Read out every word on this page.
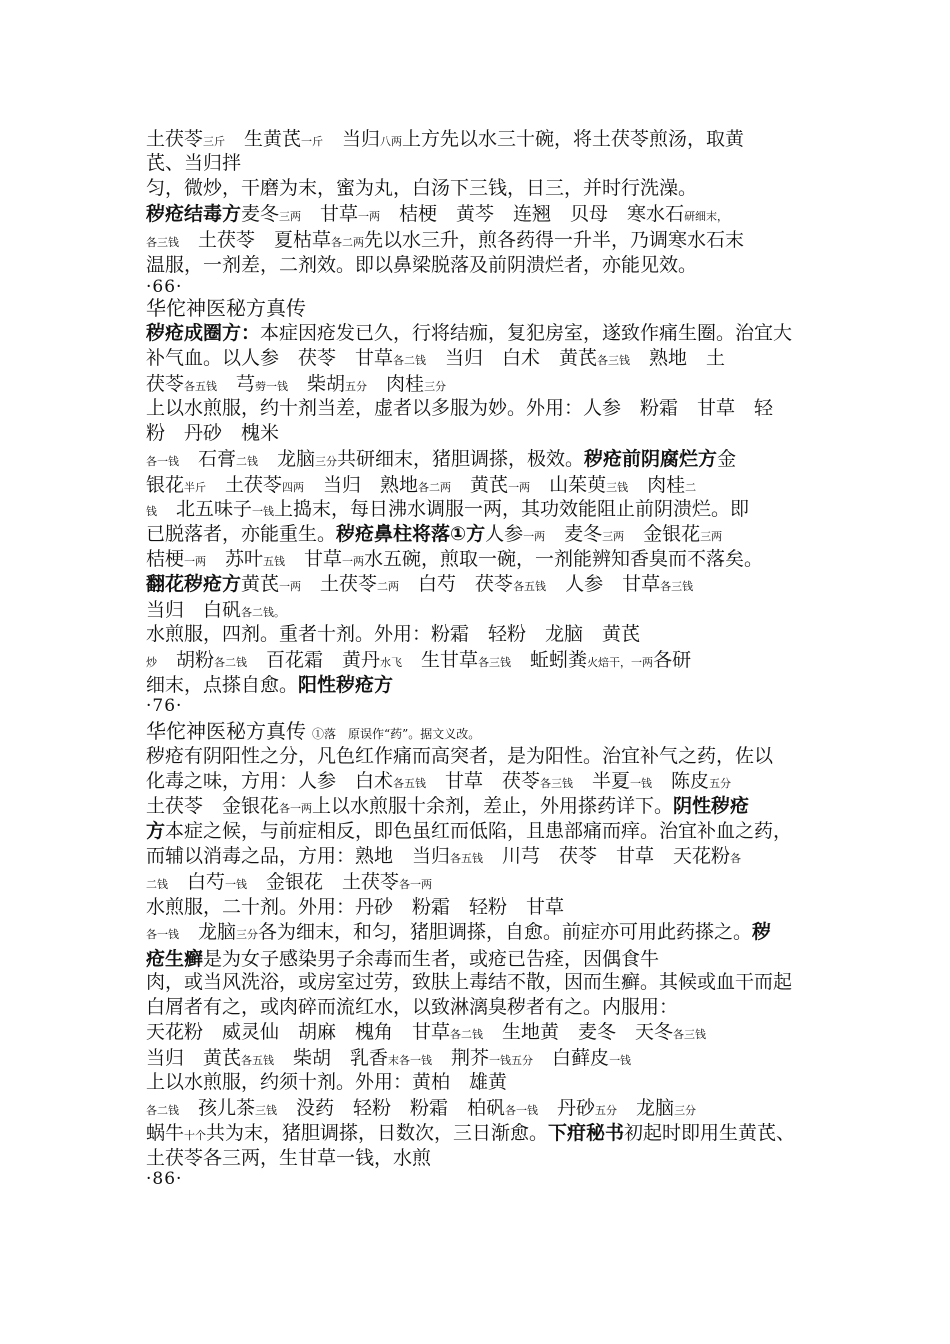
土茯苓三斤　生黄芪一斤　当归八两上方先以水三十碗，将土茯苓煎汤，取黄
芪、当归拌
匀，微炒，干磨为末，蜜为丸，白汤下三钱，日三，并时行洗澡。
秽疮结毒方麦冬三两　甘草一两　桔梗　黄芩　连翘　贝母　寒水石研细末，
各三钱　土茯苓　夏枯草各二两先以水三升，煎各药得一升半，乃调寒水石末
温服，一剂差，二剂效。即以鼻梁脱落及前阴溃烂者，亦能见效。
·66·
华佗神医秘方真传
秽疮成圈方：本症因疮发已久，行将结痂，复犯房室，遂致作痛生圈。治宜大
补气血。以人参　茯苓　甘草各二钱　当归　白术　黄芪各三钱　熟地　土
茯苓各五钱　芎䓖一钱　柴胡五分　肉桂三分
上以水煎服，约十剂当差，虚者以多服为妙。外用：人参　粉霜　甘草　轻
粉　丹砂　槐米
各一钱　石膏二钱　龙脑三分共研细末，猪胆调搽，极效。秽疮前阴腐烂方金
银花半斤　土茯苓四两　当归　熟地各二两　黄芪一两　山茱萸三钱　肉桂二
钱　北五味子一钱上捣末，每日沸水调服一两，其功效能阻止前阴溃烂。即
已脱落者，亦能重生。秽疮鼻柱将落①方人参一两　麦冬三两　金银花三两
桔梗一两　苏叶五钱　甘草一两水五碗，煎取一碗，一剂能辨知香臭而不落矣。
翻花秽疮方黄芪一两　土茯苓二两　白芍　茯苓各五钱　人参　甘草各三钱
当归　白矾各二钱。
水煎服，四剂。重者十剂。外用：粉霜　轻粉　龙脑　黄芪
炒　胡粉各二钱　百花霜　黄丹水飞　生甘草各三钱　蚯蚓粪火焙干，一两各研
细末，点搽自愈。阳性秽疮方
·76·
华佗神医秘方真传 ①落　原误作“药”。据文义改。
秽疮有阴阳性之分，凡色红作痛而高突者，是为阳性。治宜补气之药，佐以
化毒之味，方用：人参　白术各五钱　甘草　茯苓各三钱　半夏一钱　陈皮五分
土茯苓　金银花各一两上以水煎服十余剂，差止，外用搽药详下。阴性秽疮
方本症之候，与前症相反，即色虽红而低陷，且患部痛而痒。治宜补血之药，
而辅以消毒之品，方用：熟地　当归各五钱　川芎　茯苓　甘草　天花粉各
二钱　白芍一钱　金银花　土茯苓各一两
水煎服，二十剂。外用：丹砂　粉霜　轻粉　甘草
各一钱　龙脑三分各为细末，和匀，猪胆调搽，自愈。前症亦可用此药搽之。秽
疮生癣是为女子感染男子余毒而生者，或疮已告痊，因偶食牛
肉，或当风洗浴，或房室过劳，致肤上毒结不散，因而生癣。其候或血干而起
白屑者有之，或肉碎而流红水，以致淋漓臭秽者有之。内服用：
天花粉　威灵仙　胡麻　槐角　甘草各二钱　生地黄　麦冬　天冬各三钱
当归　黄芪各五钱　柴胡　乳香末各一钱　荆芥一钱五分　白藓皮一钱
上以水煎服，约须十剂。外用：黄柏　雄黄
各二钱　孩儿茶三钱　没药　轻粉　粉霜　柏矾各一钱　丹砂五分　龙脑三分
蜗牛十个共为末，猪胆调搽，日数次，三日渐愈。下疳秘书初起时即用生黄芪、
土茯苓各三两，生甘草一钱，水煎
·86·
